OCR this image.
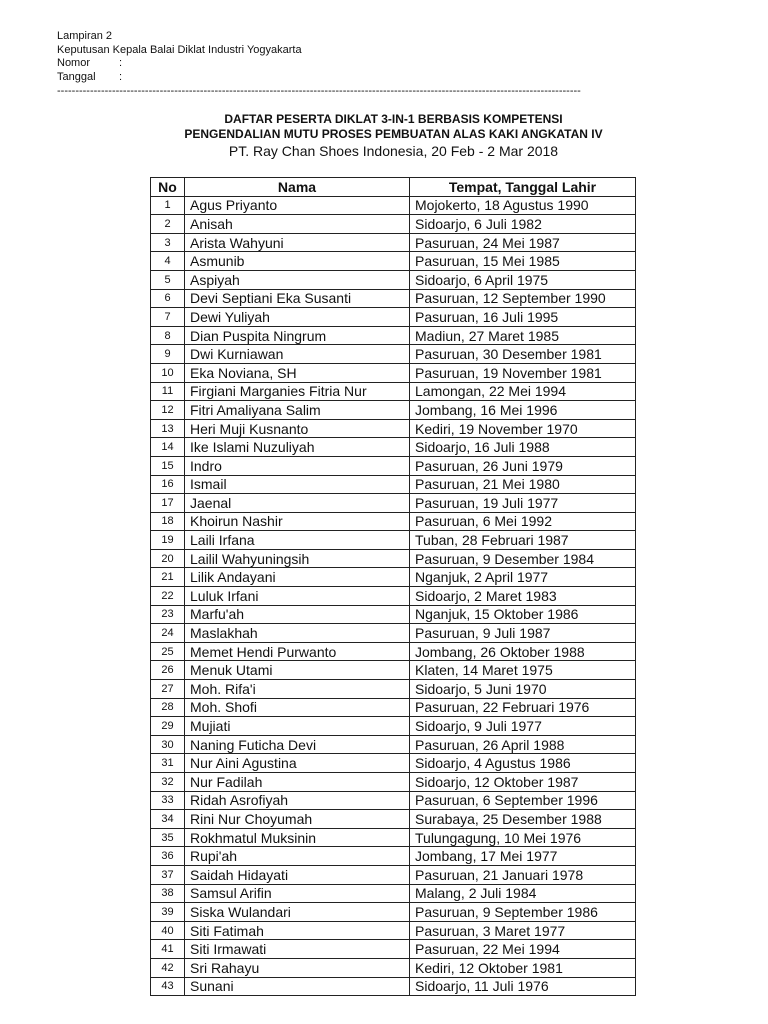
Lampiran 2
Keputusan Kepala Balai Diklat Industri Yogyakarta
Nomor	:
Tanggal :
-----------------------------------------------------------------------------------------------------------------------------------------------
DAFTAR PESERTA DIKLAT 3-IN-1 BERBASIS KOMPETENSI
PENGENDALIAN MUTU PROSES PEMBUATAN ALAS KAKI ANGKATAN IV
PT. Ray Chan Shoes Indonesia, 20 Feb - 2 Mar 2018
No	Nama	Tempat, Tanggal Lahir
1	Agus Priyanto	Mojokerto, 18 Agustus 1990
2	Anisah	Sidoarjo, 6 Juli 1982
3	Arista Wahyuni	Pasuruan, 24 Mei 1987
4	Asmunib	Pasuruan, 15 Mei 1985
5	Aspiyah	Sidoarjo, 6 April 1975
6	Devi Septiani Eka Susanti	Pasuruan, 12 September 1990
7	Dewi Yuliyah	Pasuruan, 16 Juli 1995
8	Dian Puspita Ningrum	Madiun, 27 Maret 1985
9	Dwi Kurniawan	Pasuruan, 30 Desember 1981
10	Eka Noviana, SH	Pasuruan, 19 November 1981
11	Firgiani Marganies Fitria Nur	Lamongan, 22 Mei 1994
12	Fitri Amaliyana Salim	Jombang, 16 Mei 1996
13	Heri Muji Kusnanto	Kediri, 19 November 1970
14	Ike Islami Nuzuliyah	Sidoarjo, 16 Juli 1988
15	Indro	Pasuruan, 26 Juni 1979
16	Ismail	Pasuruan, 21 Mei 1980
17	Jaenal	Pasuruan, 19 Juli 1977
18	Khoirun Nashir	Pasuruan, 6 Mei 1992
19	Laili Irfana	Tuban, 28 Februari 1987
20	Lailil Wahyuningsih	Pasuruan, 9 Desember 1984
21	Lilik Andayani	Nganjuk, 2 April 1977
22	Luluk Irfani	Sidoarjo, 2 Maret 1983
23	Marfu'ah	Nganjuk, 15 Oktober 1986
24	Maslakhah	Pasuruan, 9 Juli 1987
25	Memet Hendi Purwanto	Jombang, 26 Oktober 1988
26	Menuk Utami	Klaten, 14 Maret 1975
27	Moh. Rifa'i	Sidoarjo, 5 Juni 1970
28	Moh. Shofi	Pasuruan, 22 Februari 1976
29	Mujiati	Sidoarjo, 9 Juli 1977
30	Naning Futicha Devi	Pasuruan, 26 April 1988
31	Nur Aini Agustina	Sidoarjo, 4 Agustus 1986
32	Nur Fadilah	Sidoarjo, 12 Oktober 1987
33	Ridah Asrofiyah	Pasuruan, 6 September 1996
34	Rini Nur Choyumah	Surabaya, 25 Desember 1988
35	Rokhmatul Muksinin	Tulungagung, 10 Mei 1976
36	Rupi'ah	Jombang, 17 Mei 1977
37	Saidah Hidayati	Pasuruan, 21 Januari 1978
38	Samsul Arifin	Malang, 2 Juli 1984
39	Siska Wulandari	Pasuruan, 9 September 1986
40	Siti Fatimah	Pasuruan, 3 Maret 1977
41	Siti Irmawati	Pasuruan, 22 Mei 1994
42	Sri Rahayu	Kediri, 12 Oktober 1981
43	Sunani	Sidoarjo, 11 Juli 1976
